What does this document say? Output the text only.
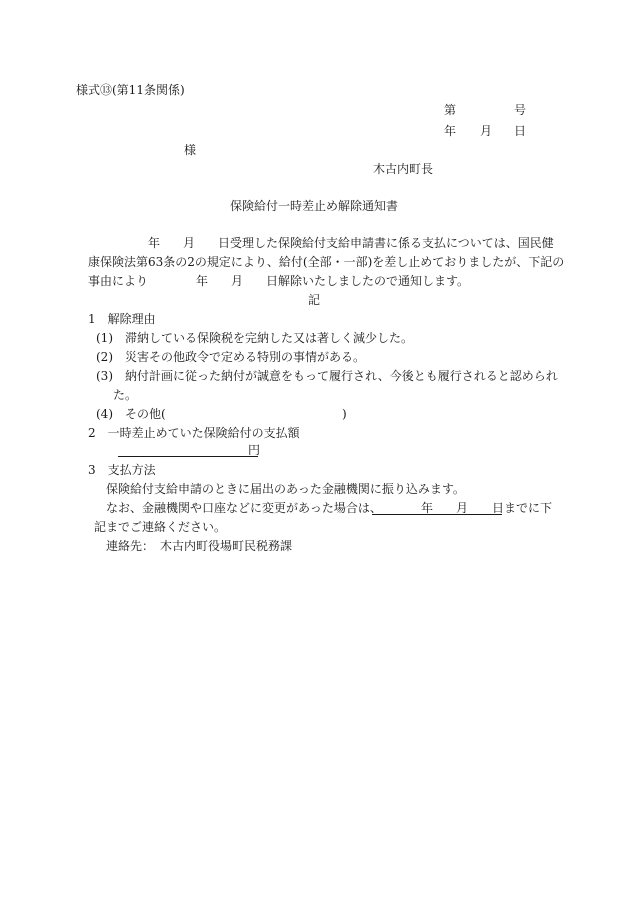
様式⑬(第11条関係)
第	号
年 月 日
様
木古内町長
保険給付一時差止め解除通知書
年 月 日受理した保険給付支給申請書に係る支払については、国民健
康保険法第63条の2の規定により、給付(全部・一部)を差し止めておりましたが、下記の
事由により	年 月 日解除いたしましたので通知します。
記
1　解除理由
(1) 滞納している保険税を完納した又は著しく減少した。
(2) 災害その他政令で定める特別の事情がある。
(3) 納付計画に従った納付が誠意をもって履行され、今後とも履行されると認められ
た。
(4) その他(	)
2　一時差止めていた保険給付の支払額
円
3　支払方法
保険給付支給申請のときに届出のあった金融機関に振り込みます。
なお、金融機関や口座などに変更があった場合は、	年 月 日までに下
記までご連絡ください。
連絡先：　木古内町役場町民税務課
